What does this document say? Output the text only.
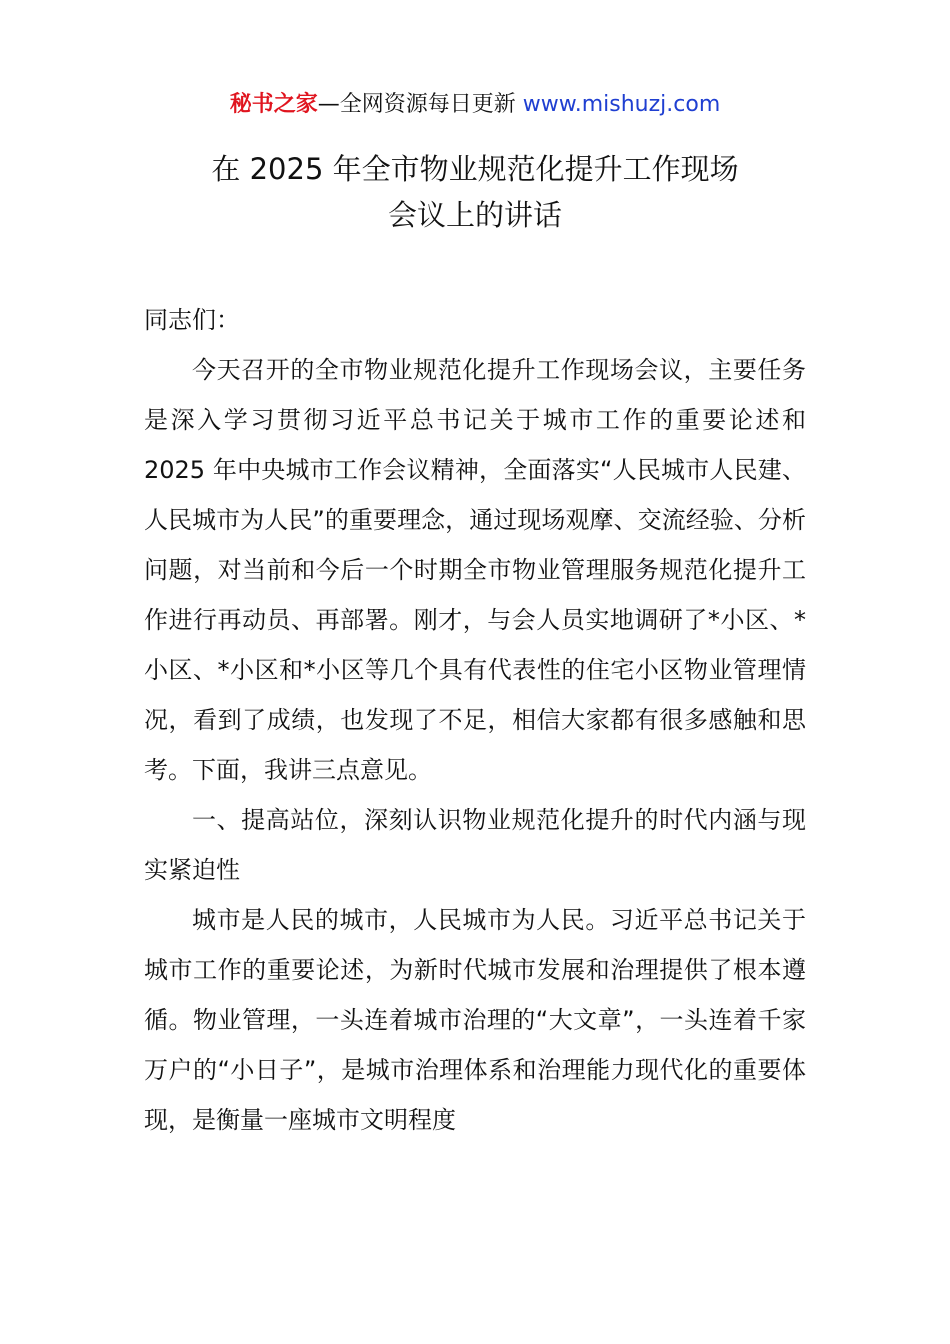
秘书之家—全网资源每日更新 www.mishuzj.com
在 2025 年全市物业规范化提升工作现场
会议上的讲话

同志们：

今天召开的全市物业规范化提升工作现场会议，主要任务是深入学习贯彻习近平总书记关于城市工作的重要论述和 2025 年中央城市工作会议精神，全面落实“人民城市人民建、人民城市为人民”的重要理念，通过现场观摩、交流经验、分析问题，对当前和今后一个时期全市物业管理服务规范化提升工作进行再动员、再部署。刚才，与会人员实地调研了*小区、*小区、*小区和*小区等几个具有代表性的住宅小区物业管理情况，看到了成绩，也发现了不足，相信大家都有很多感触和思考。下面，我讲三点意见。

一、提高站位，深刻认识物业规范化提升的时代内涵与现实紧迫性

城市是人民的城市，人民城市为人民。习近平总书记关于城市工作的重要论述，为新时代城市发展和治理提供了根本遵循。物业管理，一头连着城市治理的“大文章”，一头连着千家万户的“小日子”，是城市治理体系和治理能力现代化的重要体现，是衡量一座城市文明程度
